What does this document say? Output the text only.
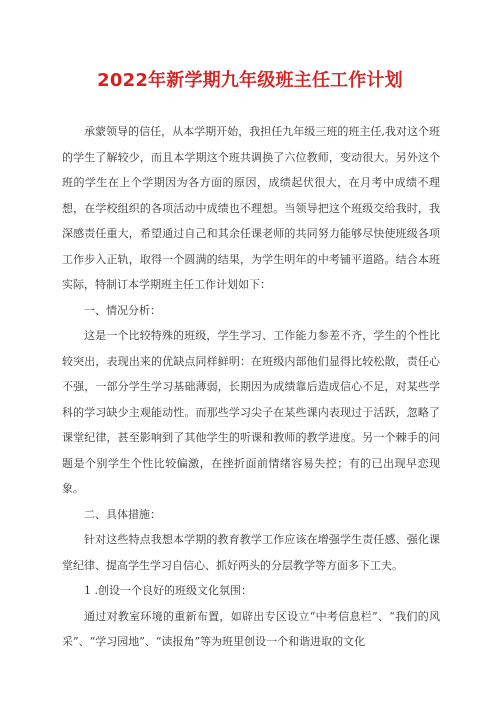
2022年新学期九年级班主任工作计划

承蒙领导的信任，从本学期开始，我担任九年级三班的班主任,我对这个班的学生了解较少，而且本学期这个班共调换了六位教师，变动很大。另外这个班的学生在上个学期因为各方面的原因，成绩起伏很大，在月考中成绩不理想，在学校组织的各项活动中成绩也不理想。当领导把这个班级交给我时，我深感责任重大，希望通过自己和其余任课老师的共同努力能够尽快使班级各项工作步入正轨，取得一个圆满的结果，为学生明年的中考铺平道路。结合本班实际，特制订本学期班主任工作计划如下：

一、情况分析：

这是一个比较特殊的班级，学生学习、工作能力参差不齐，学生的个性比较突出，表现出来的优缺点同样鲜明：在班级内部他们显得比较松散，责任心不强，一部分学生学习基础薄弱，长期因为成绩靠后造成信心不足，对某些学科的学习缺少主观能动性。而那些学习尖子在某些课内表现过于活跃，忽略了课堂纪律，甚至影响到了其他学生的听课和教师的教学进度。另一个棘手的问题是个别学生个性比较偏激，在挫折面前情绪容易失控；有的已出现早恋现象。

二、具体措施：

针对这些特点我想本学期的教育教学工作应该在增强学生责任感、强化课堂纪律、提高学生学习自信心、抓好两头的分层教学等方面多下工夫。

1 .创设一个良好的班级文化氛围：

通过对教室环境的重新布置，如辟出专区设立“中考信息栏”、“我们的风采”、“学习园地”、“读报角”等为班里创设一个和谐进取的文化
